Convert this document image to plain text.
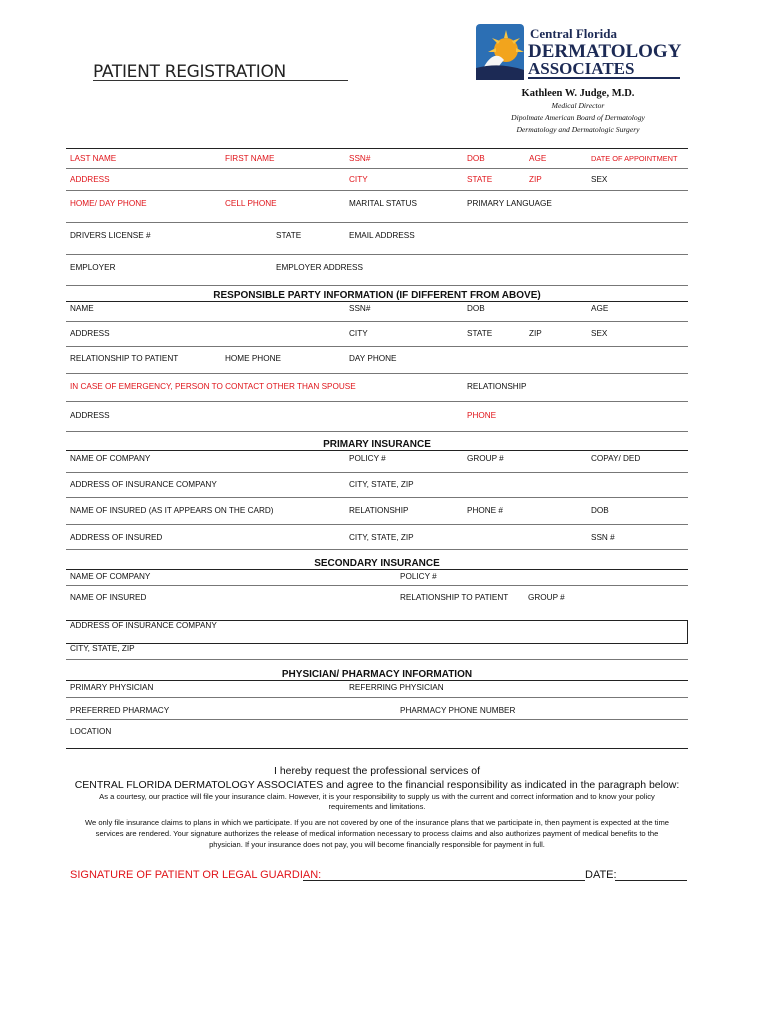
PATIENT REGISTRATION
Central Florida
DERMATOLOGY
ASSOCIATES
Kathleen W. Judge, M.D.
Medical Director
Dipolmate American Board of Dermatology
Dermatology and Dermatologic Surgery
LAST NAME	FIRST NAME	SSN#	DOB	AGE	DATE OF APPOINTMENT
ADDRESS	CITY	STATE	ZIP	SEX
HOME/ DAY PHONE	CELL PHONE	MARITAL STATUS	PRIMARY LANGUAGE
DRIVERS LICENSE #	STATE	EMAIL ADDRESS
EMPLOYER	EMPLOYER ADDRESS
RESPONSIBLE PARTY INFORMATION (IF DIFFERENT FROM ABOVE)
NAME	SSN#	DOB	AGE
ADDRESS	CITY	STATE	ZIP	SEX
RELATIONSHIP TO PATIENT	HOME PHONE	DAY PHONE
IN CASE OF EMERGENCY, PERSON TO CONTACT OTHER THAN SPOUSE	RELATIONSHIP
ADDRESS	PHONE
PRIMARY INSURANCE
NAME OF COMPANY	POLICY #	GROUP #	COPAY/ DED
ADDRESS OF INSURANCE COMPANY	CITY, STATE, ZIP
NAME OF INSURED (AS IT APPEARS ON THE CARD)	RELATIONSHIP	PHONE #	DOB
ADDRESS OF INSURED	CITY, STATE, ZIP	SSN #
SECONDARY INSURANCE
NAME OF COMPANY	POLICY #
NAME OF INSURED	RELATIONSHIP TO PATIENT GROUP #
ADDRESS OF INSURANCE COMPANY
CITY, STATE, ZIP
PHYSICIAN/ PHARMACY INFORMATION
PRIMARY PHYSICIAN	REFERRING PHYSICIAN
PREFERRED PHARMACY	PHARMACY PHONE NUMBER
LOCATION
I hereby request the professional services of
CENTRAL FLORIDA DERMATOLOGY ASSOCIATES and agree to the financial responsibility as indicated in the paragraph below:
As a courtesy, our practice will file your insurance claim. However, it is your responsibility to supply us with the current and correct information and to know your policy
requirements and limitations.
We only file insurance claims to plans in which we participate. If you are not covered by one of the insurance plans that we participate in, then payment is expected at the time
services are rendered. Your signature authorizes the release of medical information necessary to process claims and also authorizes payment of medical benefits to the
physician. If your insurance does not pay, you will become financially responsible for payment in full.
SIGNATURE OF PATIENT OR LEGAL GUARDIAN:	DATE:
